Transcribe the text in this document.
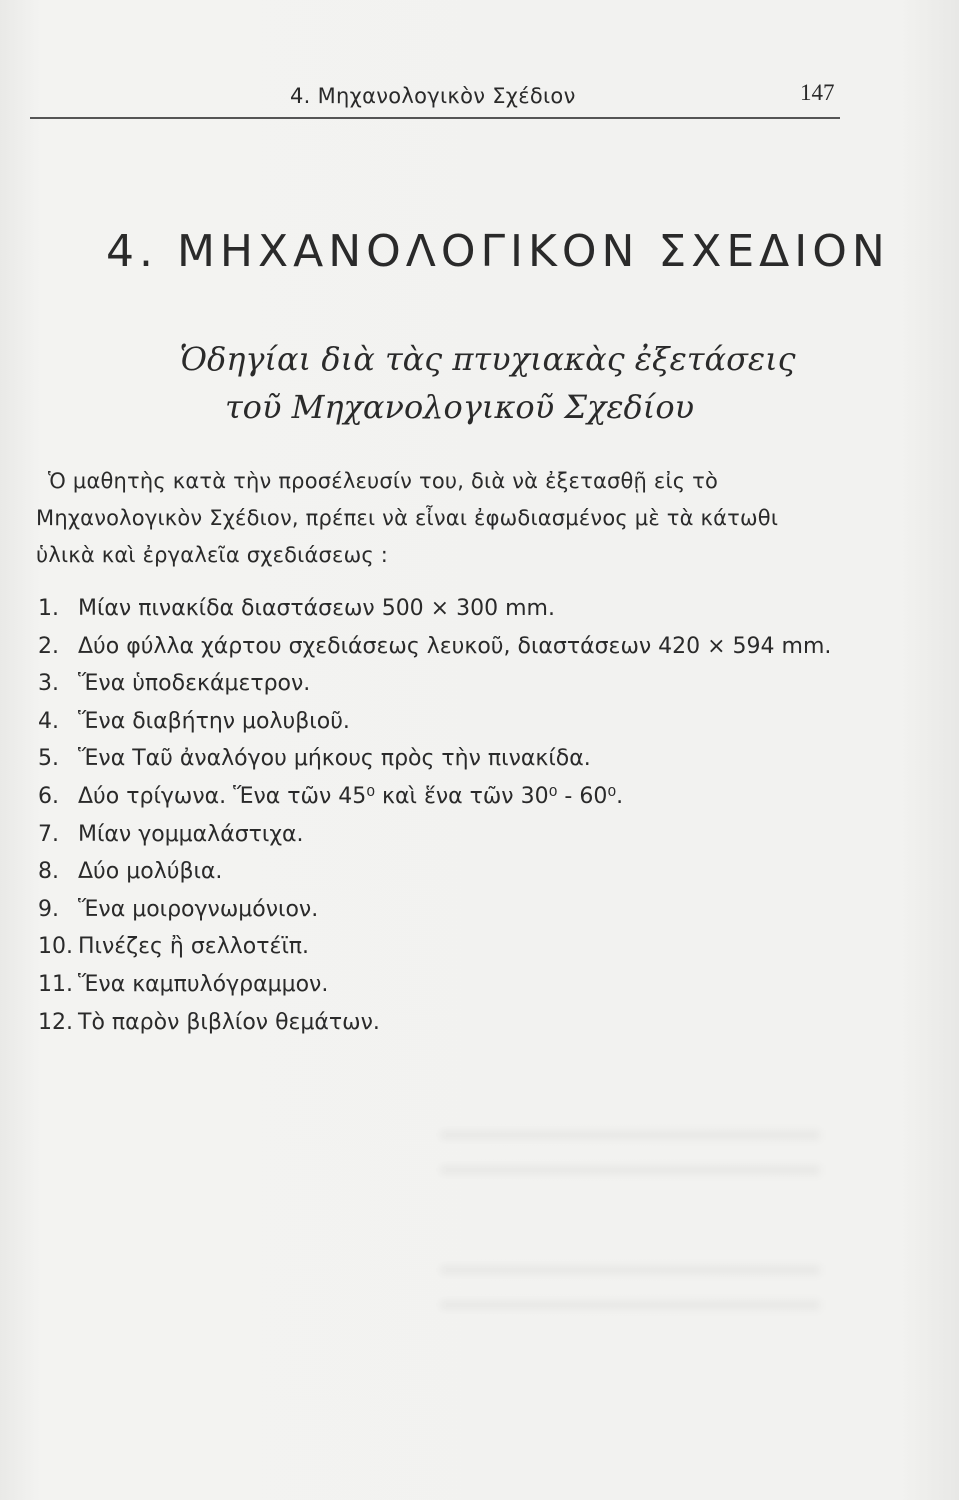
4. Μηχανολογικὸν Σχέδιον	147
4. ΜΗΧΑΝΟΛΟΓΙΚΟΝ ΣΧΕΔΙΟΝ
Ὁδηγίαι διὰ τὰς πτυχιακὰς ἐξετάσεις
τοῦ Μηχανολογικοῦ Σχεδίου
Ὁ μαθητὴς κατὰ τὴν προσέλευσίν του, διὰ νὰ ἐξετασθῇ εἰς τὸ
Μηχανολογικὸν Σχέδιον, πρέπει νὰ εἶναι ἐφωδιασμένος μὲ τὰ κάτωθι
ὑλικὰ καὶ ἐργαλεῖα σχεδιάσεως :
1. Μίαν πινακίδα διαστάσεων 500 × 300 mm.
2. Δύο φύλλα χάρτου σχεδιάσεως λευκοῦ, διαστάσεων 420 × 594 mm.
3. Ἕνα ὑποδεκάμετρον.
4. Ἕνα διαβήτην μολυβιοῦ.
5. Ἕνα Ταῦ ἀναλόγου μήκους πρὸς τὴν πινακίδα.
6. Δύο τρίγωνα. Ἕνα τῶν 45⁰ καὶ ἕνα τῶν 30⁰ - 60⁰.
7. Μίαν γομμαλάστιχα.
8. Δύο μολύβια.
9. Ἕνα μοιρογνωμόνιον.
10. Πινέζες ἢ σελλοτέϊπ.
11. Ἕνα καμπυλόγραμμον.
12. Τὸ παρὸν βιβλίον θεμάτων.
